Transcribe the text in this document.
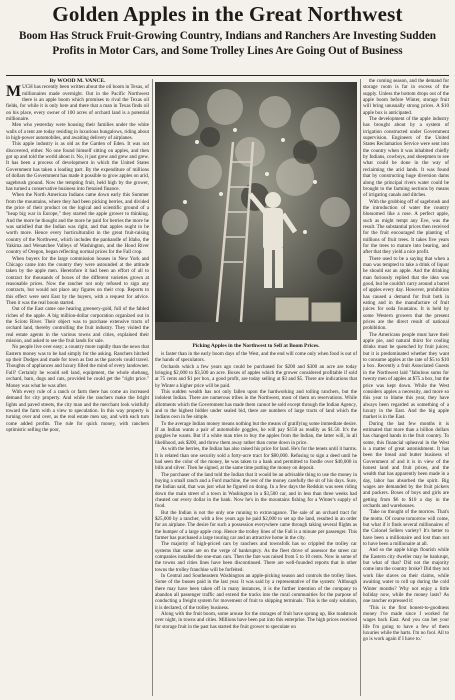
Golden Apples in the Great Northwest
Boom Has Struck Fruit-Growing Country, Indians and Ranchers Are Investing Sudden Profits in Motor Cars, and Some Trolley Lines Are Going Out of Business

By WOOD M. VANCE.

MUCH has recently been written about the oil boom in Texas, of millionaires made overnight. Out in the Pacific Northwest there is an apple boom which promises to rival the Texas oil fields, for while it is only here and there that a man in Texas finds oil on his place, every owner of 100 acres of orchard land is a potential millionaire.

Men who yesterday were housing their families under the white walls of a tent are today residing in luxurious bungalows, riding about in high-power automobiles, and awaiting delivery of airplanes.

This apple industry is as old as the Garden of Eden. It was not discovered, either. No one found himself sitting on apples, and then got up and told the world about it. No, it just grew and grew and grew. It has been a process of development in which the United States Government has taken a leading part. By the expenditure of millions of dollars the Government has made it possible to grow apples on arid, sagebrush ground. Now the tempting fruit, held high by the grower, has turned a conservative business into frenzied finance.

When the North American Indians came down early this Summer from the mountains, where they had been picking berries, and divided the price of their product on the logical and scientific ground of a "heap big war in Europe," they started the apple grower to thinking. And the more he thought and the more he paid for berries the more he was satisfied that the Indian was right, and that apples ought to be worth more. Hence every horticulturalist in the great fruit-raising country of the Northwest, which includes the panhandle of Idaho, the Yakima and Wenatchee Valleys of Washington, and the Hood River country of Oregon, began reflecting normal prices for the Fall crop.

When buyers for the large commission houses in New York and Chicago came into the country they were astounded at the attitude taken by the apple men. Heretofore it had been an effort of all to contract for thousands of boxes of the different varieties grown at reasonable prices. Now the rancher not only refused to sign any contracts, but would not place any figures on their crop. Reports to this effect were sent East by the buyers, with a request for advice. Then it was the real boom started.

Out of the East came one hearing greenery-gold, full of the fabled riches of the apple. A big million-dollar corporation organized out in the Scioto River. Their object was to purchase extensive tracts of orchard land, thereby controlling the fruit industry. They visited the real estate agents in the various towns and cities, explained their mission, and asked to see the fruit lands for sale.

No people live over easy; a country more rapidly than the news that Eastern money was to be had simply for the asking. Ranchers hitched up their Dodges and made for town as fast as the parcels could travel. Thoughts of appliances and luxury filled the mind of every landowner. Fall? Certainly he would sell land, equipment, the whole shebang, orchard, barn, dogs and cats, provided he could get the "right price." Money was what he was after.

With every rule of a ranch or farm there has come an increased demand for city property. And while the ranchers make the bright lights and paved streets, the city man and the merchant look wistfully toward the farm with a view to speculation. In this way property is turning over and over, as the real estate men say, and with each turn come added profits. The rule for quick money, with ranchers optimistic selling the poor,

is faster than in the early boom days of the West, and the end will come only when food is out of the hands of speculators.

Orchards which a few years ago could be purchased for $200 and $300 an acre are today bringing $2,000 to $3,500 an acre. Boxes of apples which the grower considered profitable if sold at 75 cents and $1 per box, a good profit, are today selling at $3 and $5. There are indications that by Winter a higher price will be paid.

This sudden wealth has not only fallen upon the hardworking and toiling ranchers, but the indolent Indian. There are numerous tribes in the Northwest, most of them on reservations. While allotments which the Government has made them cannot be sold except through the Indian Agency, and to the highest bidder under sealed bid, there are numbers of large tracts of land which the Indians own in fee simple.

To the average Indian money means nothing but the means of gratifying some immediate desire. If an Indian wants a pair of automobile goggles, he will pay $150 as readily as $1.50. It's the goggles he wants. But if a white man tries to buy the apples from the Indian, the latter will, in all likelihood, ask $200, and throw them away rather than come down in price.

As with the berries, the Indian has also raised his price for land. He's for the tenets until it harms. It is related than one security sold a forty-acre tract for $80,000. Refusing to sign a deed until he had seen the color of the money, he was taken to a bank and permitted to fondle over $40,000 in bills and silver. Then he signed, at the same time putting the money on deposit.

The purchaser of the land told the Indian that it would be an advisable thing to use the money in buying a small ranch and a Ford machine, the rest of the money carefully the sit of his days. Sure, the Indian said, that was just what he figured on doing. In a few days the Redskin was seen riding down the main street of a town in Washington in a $3,500 car, and in less than three weeks had cheated out every dollar in the bank. Now he's in the mountains fishing for a Winter's supply of food.

But the Indian is not the only one running to extravagance. The sale of an orchard tract for $25,000 by a rancher, with a few years ago he paid $2,000 to set up the land, resulted in an order for an airplane. The desire for such a possession everywhere came through taking several flights as the bumper of a large apple crop. Hence the trolley lines of the Fall is a minute per passenger. This farmer has purchased a large touring car and an attractive home in the city.

The majority of high-priced cars by ranchers and townsfolk has so crippled the trolley car systems that some are on the verge of bankruptcy. As the fleet drove of assessor the street car companies installed the one-man cars. Then the fare was raised from 5 to 10 cents. Now in some of the towns and cities lines have been discontinued. There are well-founded reports that in other towns the trolley franchise will be forfeited.

In Central and Southeastern Washington an apple-picking season and controls the trolley lines. Some of the busses paid in the last year. It was said by a representative of the system: 'Although there may have been taken off in many instances, it is the further intention of the company to abandon all passenger traffic and extend the tracks into the rural communities for the purpose of conducting a freight system for movement of fruit to shipping terminals.' This is the only solution, it is declared, of the trolley business.

Along with the fruit boom, some arouse for the storages of fruit have sprung up, like toadstools over night, in towns and cities. Millions have been put into this enterprise. The high prices received for storage fruit in the past has started the fruit grower to speculate on

the coming season, and the demand for storage room is far in excess of the supply. Unless the bottom drops out of the apple boom before Winter, storage fruit will bring unusually strong prices. A $10 apple box is anticipated.

The development of the apple industry has brought about by a system of irrigation constructed under Government supervision. Engineers of the United States Reclamation Service were sent into the country when it was inhabited chiefly by Indians, cowboys, and sheepmen to see what could be done in the way of reclaiming the arid lands. It was found that by constructing huge diversion dams along the principal rivers water could be brought to the farming sections by means of irrigating canals and ditches.

With the grubbing off of sagebrush and the introduction of water the country blossomed like a rose. A perfect apple, such as might tempt any Eve, was the result. The substantial prices then received for the fruit encouraged the planting of millions of fruit trees. It takes five years for the trees to mature into bearing, and after that they yield a nice profit.

There used to be a saying that when a man was tempted to take a drink of liquor he should eat an apple. And the drinking man furiously replied that the idea was good, but he couldn't carry around a barrel of apples every day. However, prohibition has caused a demand for fruit both in eating and in the manufacture of fruit juices for soda fountains. It is held by some Western growers that the present prices are the direct result of national prohibition.

The Americans people must have their apple pie, and natural thirst for cooling drinks must be quenched by fruit juices; but it is predominated whether they want to consume apples at the rate of $5 to $10 a box. Recently a fruit Associated Guests in the Northwest laid "fabulous sums for twenty men of apples at $75 a box, but the price was kept down. While the West considers apples a necessity, and more so this year to blame this year, they have always been regarded as something of a luxury in the East. And the big apple market is in the East.

During the last few months it is estimated that more than a billion dollars has changed hands in the fruit country. To some, this financial upheaval in the West is a matter of great astonishment. It has been the bread and butter business of Government of and it is in view of the honest land and fruit prices, and the wealth that has apparently been made in a day, labor has absorbed the spirit. Big wages are demanded by the fruit pickers and packers. Boxes of boys and girls are getting from $6 to $10 a day in the orchards and warehouses.

'Take no thought of the morrow. That's the motto. Of course tomorrow will come, but what if it finds several millionaires of the Colonel Sellers variety? It's better to have been a millionaire and lost than not to have been a millionaire at all.

And so the apple kings flourish while the Eastern city dweller may be bankrupt, but what of that? Did not the majority come into the country broke? Did they not work like slaves on their claims, while awaiting water to roll up during the cold Winter months? Why not enjoy a little holiday now, while the money lasts? As one rancher expressed it:

'This is the first honest-to-goodness money I've made since I worked for wages back East. And you can bet your life I'm going to have a few of them luxuries while the harts. I'm no fool. All to go is work again if I have to.'

Picking Apples in the Northwest to Sell at Boom Prices.
